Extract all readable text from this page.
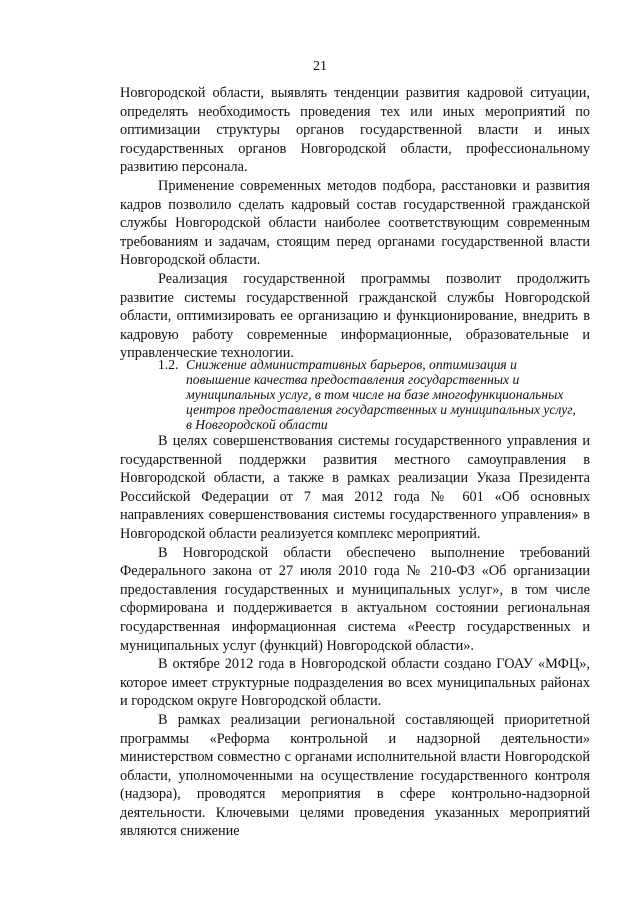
21

Новгородской области, выявлять тенденции развития кадровой ситуации, определять необходимость проведения тех или иных мероприятий по оптимизации структуры органов государственной власти и иных государственных органов Новгородской области, профессиональному развитию персонала.

Применение современных методов подбора, расстановки и развития кадров позволило сделать кадровый состав государственной гражданской службы Новгородской области наиболее соответствующим современным требованиям и задачам, стоящим перед органами государственной власти Новгородской области.

Реализация государственной программы позволит продолжить развитие системы государственной гражданской службы Новгородской области, оптимизировать ее организацию и функционирование, внедрить в кадровую работу современные информационные, образовательные и управленческие технологии.

1.2. Снижение административных барьеров, оптимизация и повышение качества предоставления государственных и муниципальных услуг, в том числе на базе многофункциональных центров предоставления государственных и муниципальных услуг, в Новгородской области

В целях совершенствования системы государственного управления и государственной поддержки развития местного самоуправления в Новгородской области, а также в рамках реализации Указа Президента Российской Федерации от 7 мая 2012 года № 601 «Об основных направлениях совершенствования системы государственного управления» в Новгородской области реализуется комплекс мероприятий.

В Новгородской области обеспечено выполнение требований Федерального закона от 27 июля 2010 года № 210-ФЗ «Об организации предоставления государственных и муниципальных услуг», в том числе сформирована и поддерживается в актуальном состоянии региональная государственная информационная система «Реестр государственных и муниципальных услуг (функций) Новгородской области».

В октябре 2012 года в Новгородской области создано ГОАУ «МФЦ», которое имеет структурные подразделения во всех муниципальных районах и городском округе Новгородской области.

В рамках реализации региональной составляющей приоритетной программы «Реформа контрольной и надзорной деятельности» министерством совместно с органами исполнительной власти Новгородской области, уполномоченными на осуществление государственного контроля (надзора), проводятся мероприятия в сфере контрольно-надзорной деятельности. Ключевыми целями проведения указанных мероприятий являются снижение
